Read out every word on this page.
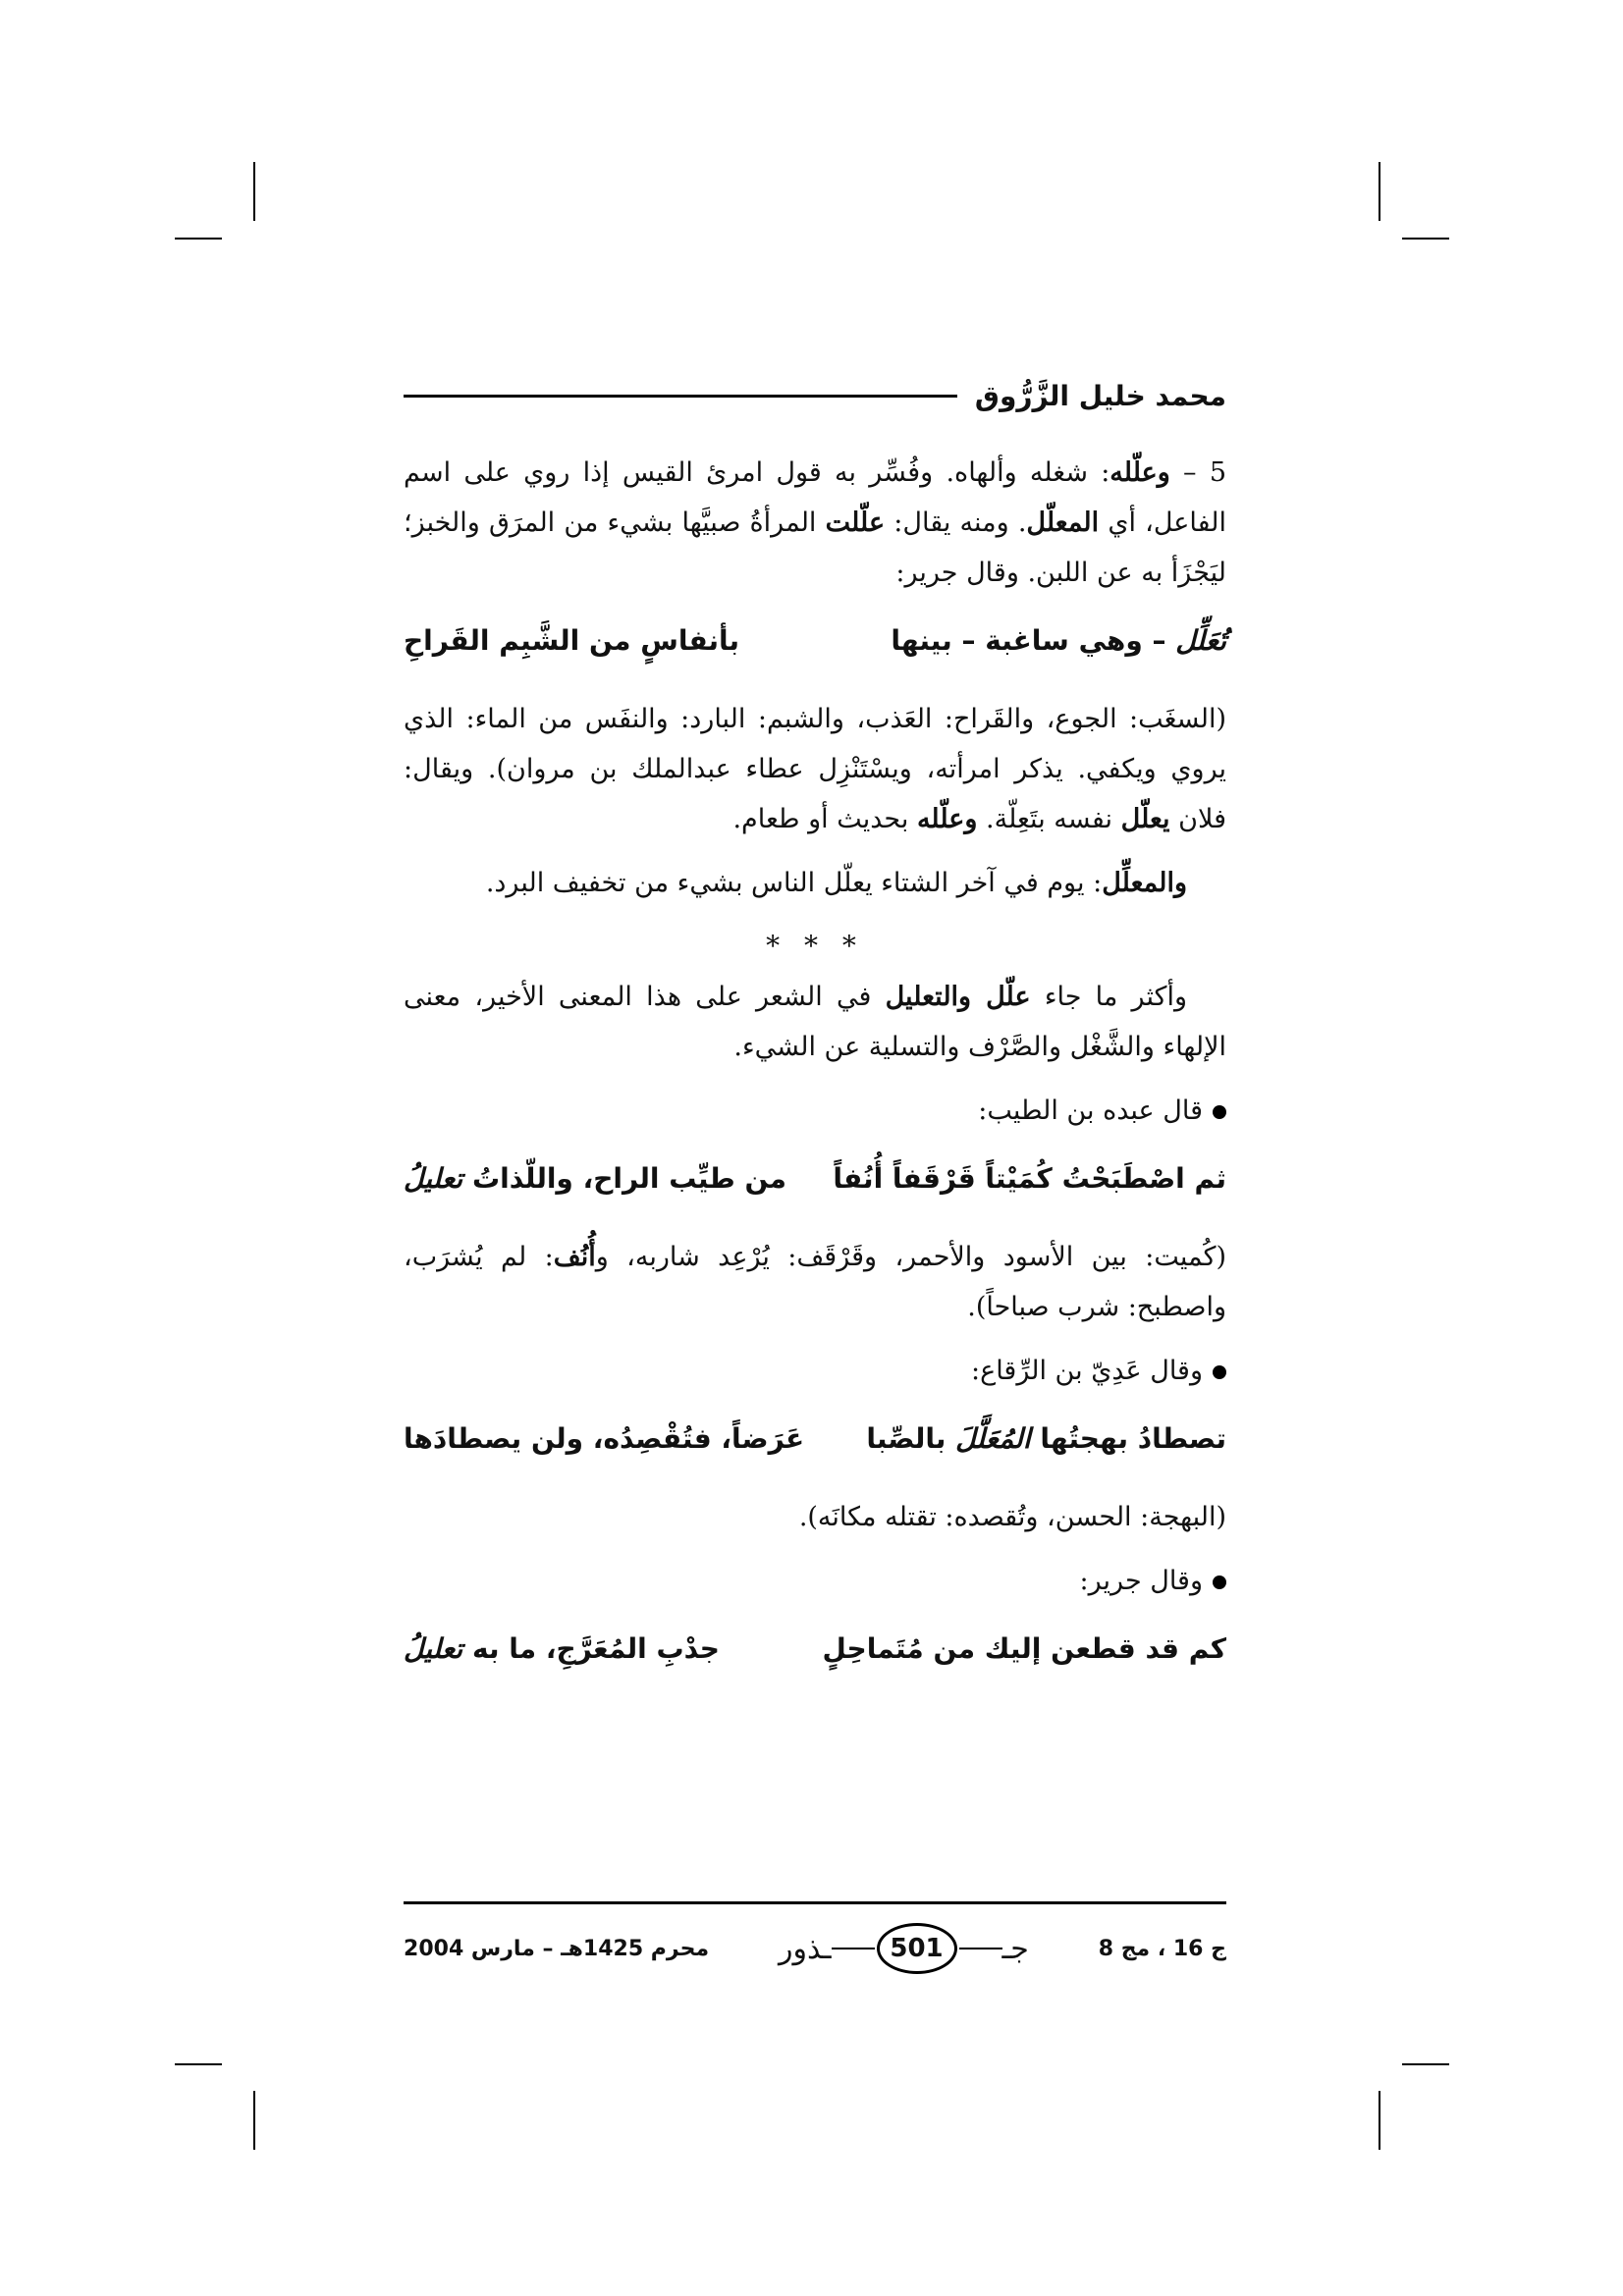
محمد خليل الزَّرُّوق

5 – وعلّله: شغله وألهاه. وفُسِّر به قول امرئ القيس إذا روي على اسم الفاعل، أي المعلّل. ومنه يقال: علّلت المرأةُ صبيَّها بشيء من المرَق والخبز؛ ليَجْزَأ به عن اللبن. وقال جرير:

تُعَلِّل – وهي ساغبة – بينها
بأنفاسٍ من الشَّبِم القَراحِ

(السغَب: الجوع، والقَراح: العَذب، والشبم: البارد: والنفَس من الماء: الذي يروي ويكفي. يذكر امرأته، ويسْتَنْزِل عطاء عبدالملك بن مروان). ويقال: فلان يعلّل نفسه بتَعِلّة. وعلّله بحديث أو طعام.

والمعلِّل: يوم في آخر الشتاء يعلّل الناس بشيء من تخفيف البرد.

* * *

وأكثر ما جاء علّل والتعليل في الشعر على هذا المعنى الأخير، معنى الإلهاء والشَّغْل والصَّرْف والتسلية عن الشيء.

قال عبده بن الطيب:
ثم اصْطَبَحْتُ كُمَيْتاً قَرْقَفاً أُنُفاً
من طيِّب الراح، واللّذاتُ تعليلُ

(كُميت: بين الأسود والأحمر، وقَرْقَف: يُرْعِد شاربه، وأُنُف: لم يُشرَب، واصطبح: شرب صباحاً).

وقال عَدِيّ بن الرِّقاع:
تصطادُ بهجتُها المُعَلَّلَ بالصِّبا
عَرَضاً، فتُقْصِدُه، ولن يصطادَها

(البهجة: الحسن، وتُقصده: تقتله مكانَه).

وقال جرير:
كم قد قطعن إليك من مُتَماحِلٍ
جدْبِ المُعَرَّجِ، ما به تعليلُ
ج 16 ، مج 8
جـ
501
ـذور
محرم 1425هـ – مارس 2004
